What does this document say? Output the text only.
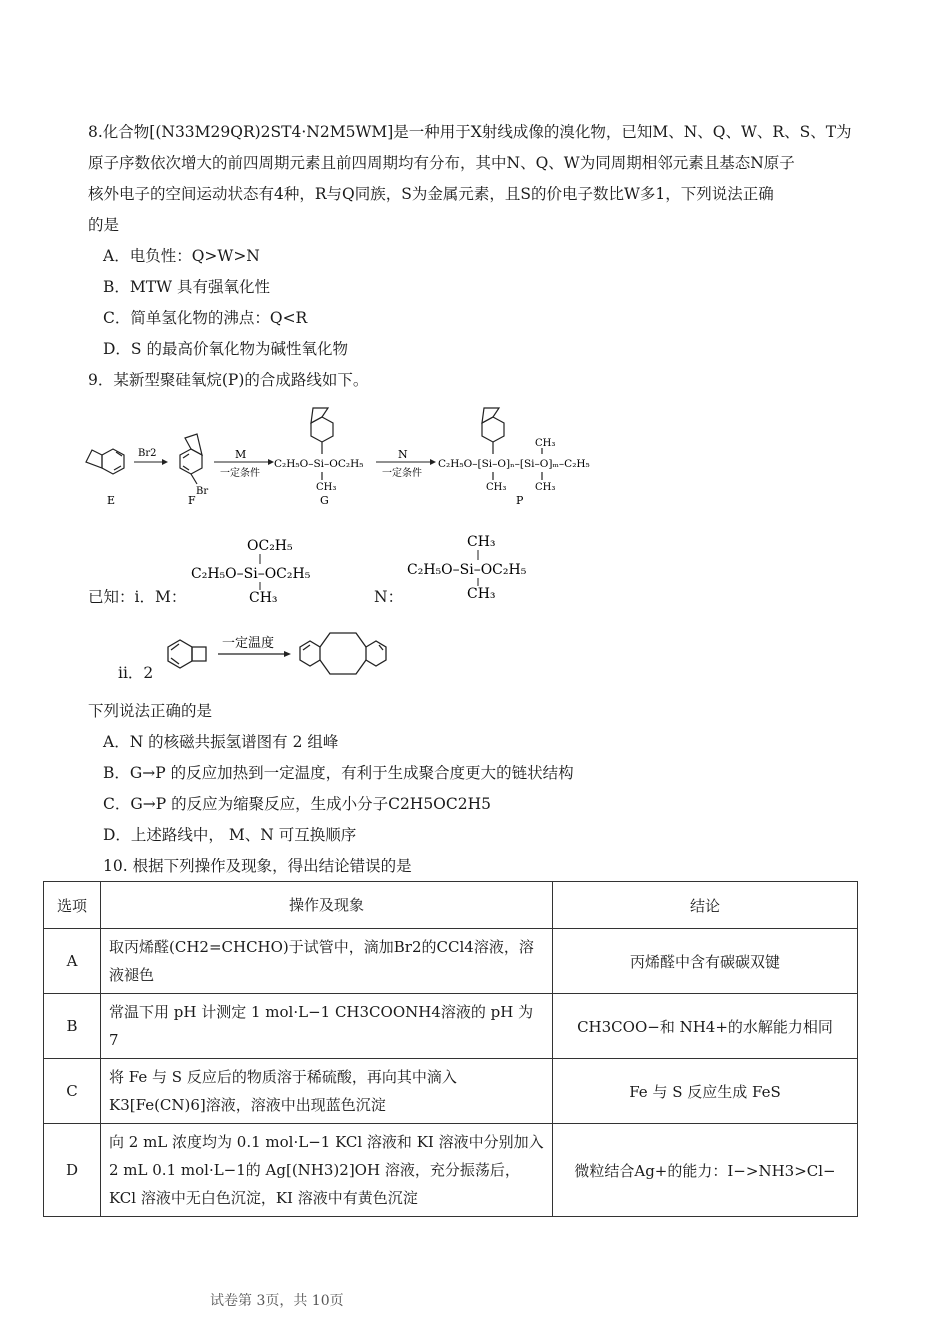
8.化合物[(N33M29QR)2ST4·N2M5WM]是一种用于X射线成像的溴化物，已知M、N、Q、W、R、S、T为
原子序数依次增大的前四周期元素且前四周期均有分布，其中N、Q、W为同周期相邻元素且基态N原子
核外电子的空间运动状态有4种，R与Q同族，S为金属元素，且S的价电子数比W多1，下列说法正确
的是
A．电负性：Q>W>N
B．MTW 具有强氧化性
C．简单氢化物的沸点：Q<R
D．S 的最高价氧化物为碱性氧化物
9．某新型聚硅氧烷(P)的合成路线如下。
E
Br2
Br
F
M
一定条件
C₂H₅O–Si–OC₂H₅
CH₃
G
N
一定条件
C₂H₅O–[Si–O]ₙ–[Si–O]ₘ–C₂H₅
CH₃
CH₃	CH₃
P
OC₂H₅
C₂H₅O–Si–OC₂H₅
CH₃
CH₃
C₂H₅O–Si–OC₂H₅
CH₃
已知：i．M：	N：
ii．2
一定温度
下列说法正确的是
A．N 的核磁共振氢谱图有 2 组峰
B．G→P 的反应加热到一定温度，有利于生成聚合度更大的链状结构
C．G→P 的反应为缩聚反应，生成小分子C2H5OC2H5
D．上述路线中， M、N 可互换顺序
10. 根据下列操作及现象，得出结论错误的是
选项	操作及现象	结论
A	取丙烯醛(CH2=CHCHO)于试管中，滴加Br2的CCl4溶液，溶液褪色	丙烯醛中含有碳碳双键
B	常温下用 pH 计测定 1 mol·L−1 CH3COONH4溶液的 pH 为 7	CH3COO−和 NH4+的水解能力相同
C	将 Fe 与 S 反应后的物质溶于稀硫酸，再向其中滴入 K3[Fe(CN)6]溶液，溶液中出现蓝色沉淀	Fe 与 S 反应生成 FeS
D	向 2 mL 浓度均为 0.1 mol·L−1 KCl 溶液和 KI 溶液中分别加入 2 mL 0.1 mol·L−1的 Ag[(NH3)2]OH 溶液，充分振荡后，KCl 溶液中无白色沉淀，KI 溶液中有黄色沉淀	微粒结合Ag+的能力：I−>NH3>Cl−
试卷第 3页，共 10页
